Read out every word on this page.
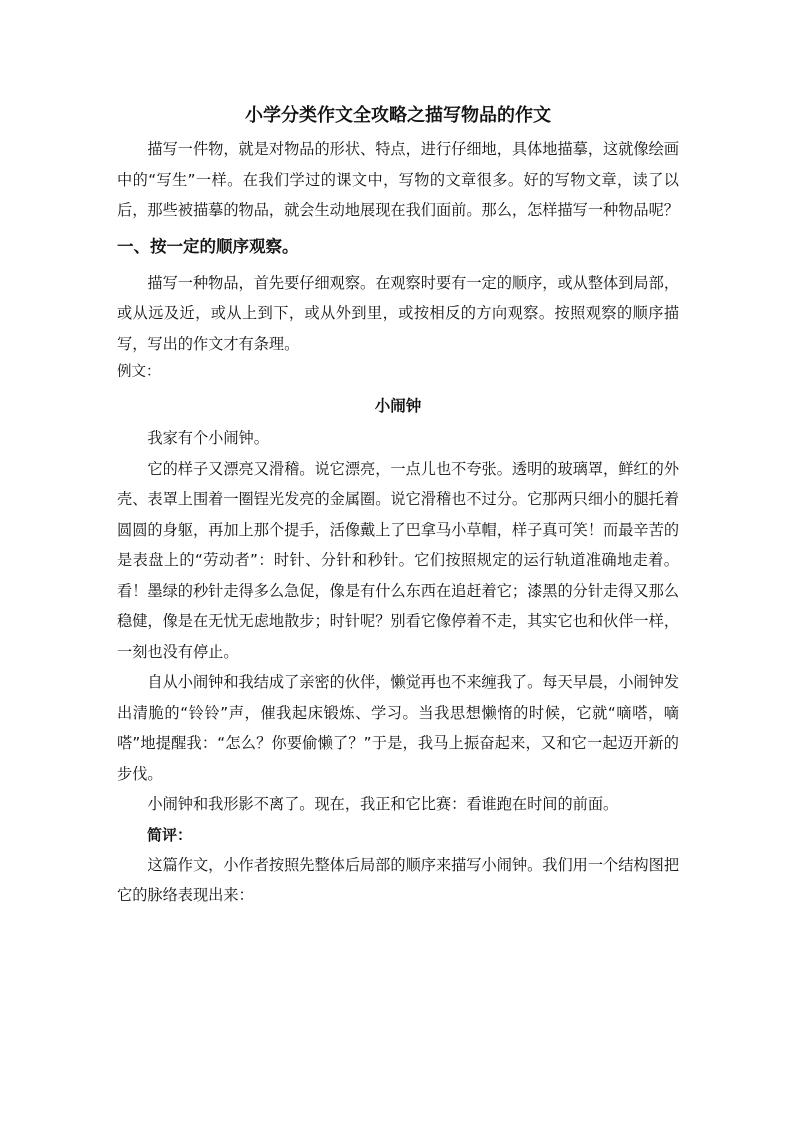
小学分类作文全攻略之描写物品的作文

描写一件物，就是对物品的形状、特点，进行仔细地，具体地描摹，这就像绘画中的“写生”一样。在我们学过的课文中，写物的文章很多。好的写物文章，读了以后，那些被描摹的物品，就会生动地展现在我们面前。那么，怎样描写一种物品呢？

一、按一定的顺序观察。

描写一种物品，首先要仔细观察。在观察时要有一定的顺序，或从整体到局部，或从远及近，或从上到下，或从外到里，或按相反的方向观察。按照观察的顺序描写，写出的作文才有条理。

例文：
小闹钟

我家有个小闹钟。

它的样子又漂亮又滑稽。说它漂亮，一点儿也不夸张。透明的玻璃罩，鲜红的外壳、表罩上围着一圈锃光发亮的金属圈。说它滑稽也不过分。它那两只细小的腿托着圆圆的身躯，再加上那个提手，活像戴上了巴拿马小草帽，样子真可笑！而最辛苦的是表盘上的“劳动者”：时针、分针和秒针。它们按照规定的运行轨道准确地走着。看！墨绿的秒针走得多么急促，像是有什么东西在追赶着它；漆黑的分针走得又那么稳健，像是在无忧无虑地散步；时针呢？别看它像停着不走，其实它也和伙伴一样，一刻也没有停止。

自从小闹钟和我结成了亲密的伙伴，懒觉再也不来缠我了。每天早晨，小闹钟发出清脆的“铃铃”声，催我起床锻炼、学习。当我思想懒惰的时候，它就“嘀嗒，嘀嗒”地提醒我：“怎么？你要偷懒了？”于是，我马上振奋起来，又和它一起迈开新的步伐。

小闹钟和我形影不离了。现在，我正和它比赛：看谁跑在时间的前面。

简评：

这篇作文，小作者按照先整体后局部的顺序来描写小闹钟。我们用一个结构图把它的脉络表现出来：
